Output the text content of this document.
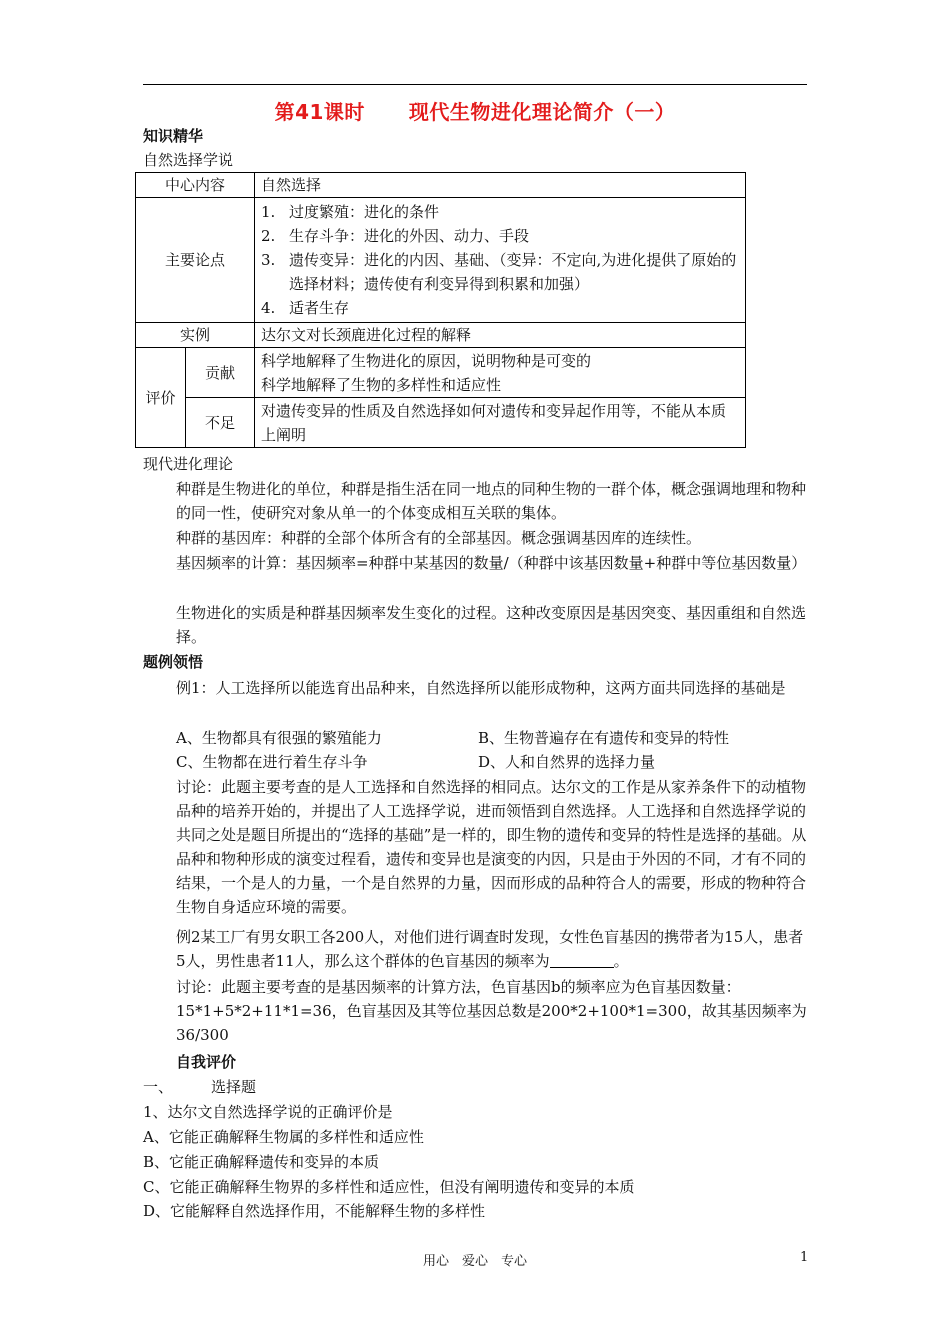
第41课时 现代生物进化理论简介（一）
知识精华
自然选择学说
中心内容		自然选择
主要论点		1. 过度繁殖：进化的条件
2. 生存斗争：进化的外因、动力、手段
3. 遗传变异：进化的内因、基础、（变异：不定向,为进化提供了原始的选择材料；遗传使有利变异得到积累和加强）
4. 适者生存

实例		达尔文对长颈鹿进化过程的解释
评价	贡献	科学地解释了生物进化的原因，说明物种是可变的
科学地解释了生物的多样性和适应性

	不足	对遗传变异的性质及自然选择如何对遗传和变异起作用等，不能从本质上阐明
现代进化理论
种群是生物进化的单位，种群是指生活在同一地点的同种生物的一群个体，概念强调地理和物种的同一性，使研究对象从单一的个体变成相互关联的集体。
种群的基因库：种群的全部个体所含有的全部基因。概念强调基因库的连续性。
基因频率的计算：基因频率=种群中某基因的数量/（种群中该基因数量+种群中等位基因数量）
生物进化的实质是种群基因频率发生变化的过程。这种改变原因是基因突变、基因重组和自然选择。
题例领悟
例1：人工选择所以能选育出品种来，自然选择所以能形成物种，这两方面共同选择的基础是
A、生物都具有很强的繁殖能力	B、生物普遍存在有遗传和变异的特性
C、生物都在进行着生存斗争	D、人和自然界的选择力量
讨论：此题主要考查的是人工选择和自然选择的相同点。达尔文的工作是从家养条件下的动植物品种的培养开始的，并提出了人工选择学说，进而领悟到自然选择。人工选择和自然选择学说的共同之处是题目所提出的“选择的基础”是一样的，即生物的遗传和变异的特性是选择的基础。从品种和物种形成的演变过程看，遗传和变异也是演变的内因，只是由于外因的不同，才有不同的结果，一个是人的力量，一个是自然界的力量，因而形成的品种符合人的需要，形成的物种符合生物自身适应环境的需要。
例2某工厂有男女职工各200人，对他们进行调查时发现，女性色盲基因的携带者为15人，患者5人，男性患者11人，那么这个群体的色盲基因的频率为	。
讨论：此题主要考查的是基因频率的计算方法，色盲基因b的频率应为色盲基因数量：15*1+5*2+11*1=36，色盲基因及其等位基因总数是200*2+100*1=300，故其基因频率为36/300
自我评价
一、	选择题
1、达尔文自然选择学说的正确评价是
A、它能正确解释生物属的多样性和适应性
B、它能正确解释遗传和变异的本质
C、它能正确解释生物界的多样性和适应性，但没有阐明遗传和变异的本质
D、它能解释自然选择作用，不能解释生物的多样性
用心　爱心　专心	1
